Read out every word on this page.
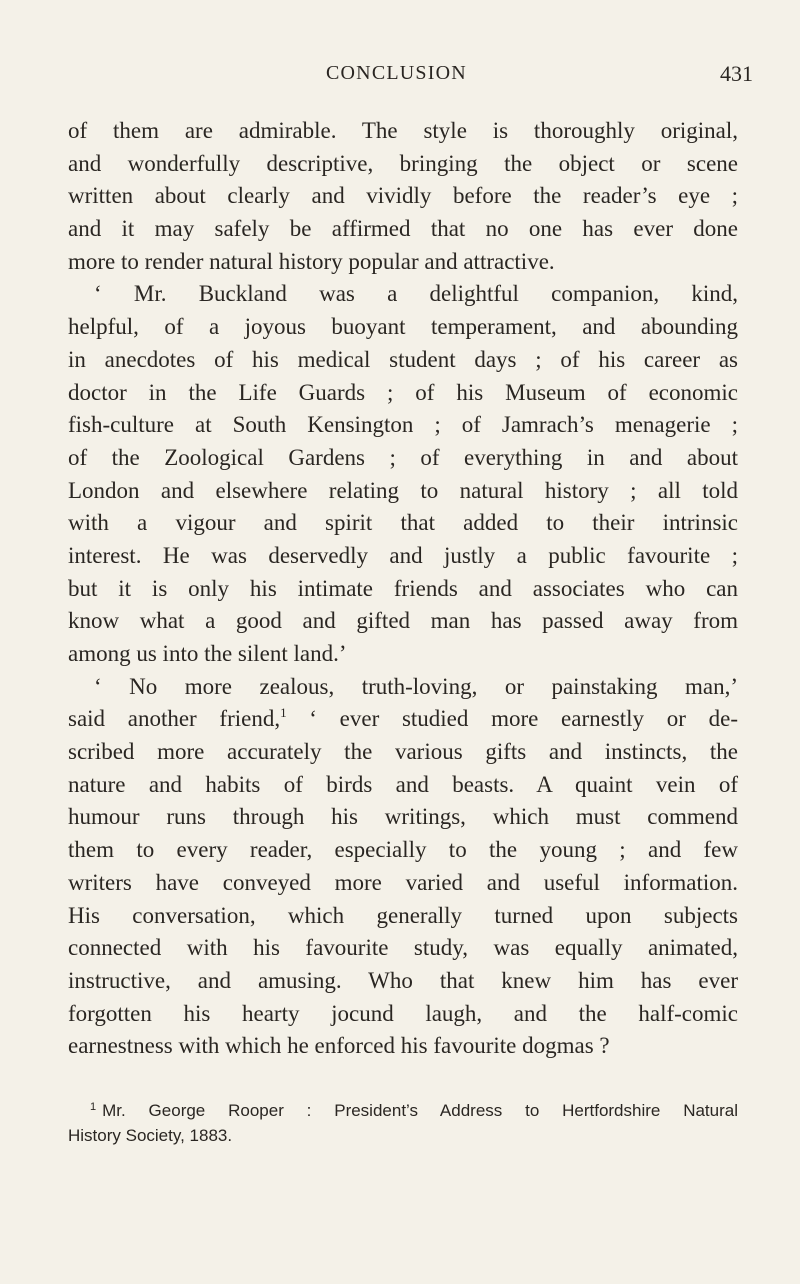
CONCLUSION	431
of them are admirable. The style is thoroughly original,
and wonderfully descriptive, bringing the object or scene
written about clearly and vividly before the reader’s eye ;
and it may safely be affirmed that no one has ever done
more to render natural history popular and attractive.
‘ Mr. Buckland was a delightful companion, kind,
helpful, of a joyous buoyant temperament, and abounding
in anecdotes of his medical student days ; of his career as
doctor in the Life Guards ; of his Museum of economic
fish-culture at South Kensington ; of Jamrach’s menagerie ;
of the Zoological Gardens ; of everything in and about
London and elsewhere relating to natural history ; all told
with a vigour and spirit that added to their intrinsic
interest. He was deservedly and justly a public favourite ;
but it is only his intimate friends and associates who can
know what a good and gifted man has passed away from
among us into the silent land.’
‘ No more zealous, truth-loving, or painstaking man,’
said another friend,$^1$ ‘ ever studied more earnestly or de-
scribed more accurately the various gifts and instincts, the
nature and habits of birds and beasts. A quaint vein of
humour runs through his writings, which must commend
them to every reader, especially to the young ; and few
writers have conveyed more varied and useful information.
His conversation, which generally turned upon subjects
connected with his favourite study, was equally animated,
instructive, and amusing. Who that knew him has ever
forgotten his hearty jocund laugh, and the half-comic
earnestness with which he enforced his favourite dogmas ?
$^1$ Mr. George Rooper : President’s Address to Hertfordshire Natural
History Society, 1883.
